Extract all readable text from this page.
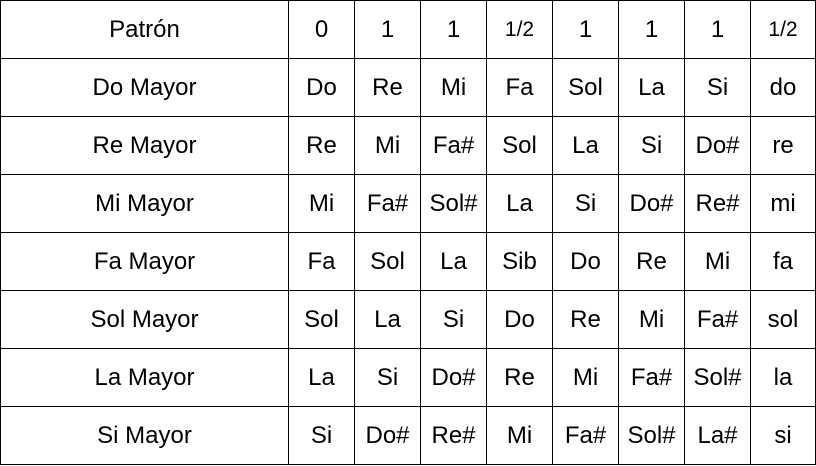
Patrón	0	1	1	1/2	1	1	1	1/2
Do Mayor	Do	Re	Mi	Fa	Sol	La	Si	do
Re Mayor	Re	Mi	Fa#	Sol	La	Si	Do#	re
Mi Mayor	Mi	Fa#	Sol#	La	Si	Do#	Re#	mi
Fa Mayor	Fa	Sol	La	Sib	Do	Re	Mi	fa
Sol Mayor	Sol	La	Si	Do	Re	Mi	Fa#	sol
La Mayor	La	Si	Do#	Re	Mi	Fa#	Sol#	la
Si Mayor	Si	Do#	Re#	Mi	Fa#	Sol#	La#	si
